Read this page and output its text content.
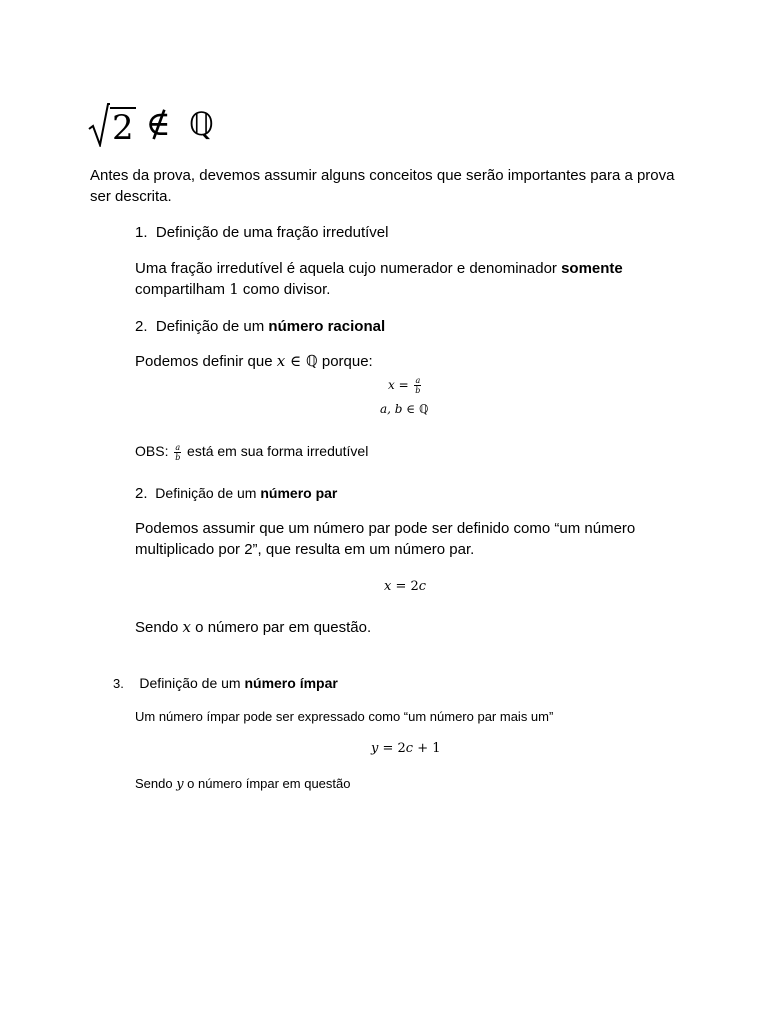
2 ∉ ℚ
Antes da prova, devemos assumir alguns conceitos que serão importantes para a prova
ser descrita.
1. Definição de uma fração irredutível
Uma fração irredutível é aquela cujo numerador e denominador somente
compartilham 1 como divisor.
2. Definição de um número racional
Podemos definir que x ∈ ℚ porque:
$x = \frac{a}{b}$
a, b ∈ ℚ
OBS: $\frac{a}{b}$ está em sua forma irredutível
2. Definição de um número par
Podemos assumir que um número par pode ser definido como “um número
multiplicado por 2”, que resulta em um número par.
x = 2c
Sendo x o número par em questão.
3. Definição de um número ímpar
Um número ímpar pode ser expressado como “um número par mais um”
y = 2c + 1
Sendo y o número ímpar em questão
